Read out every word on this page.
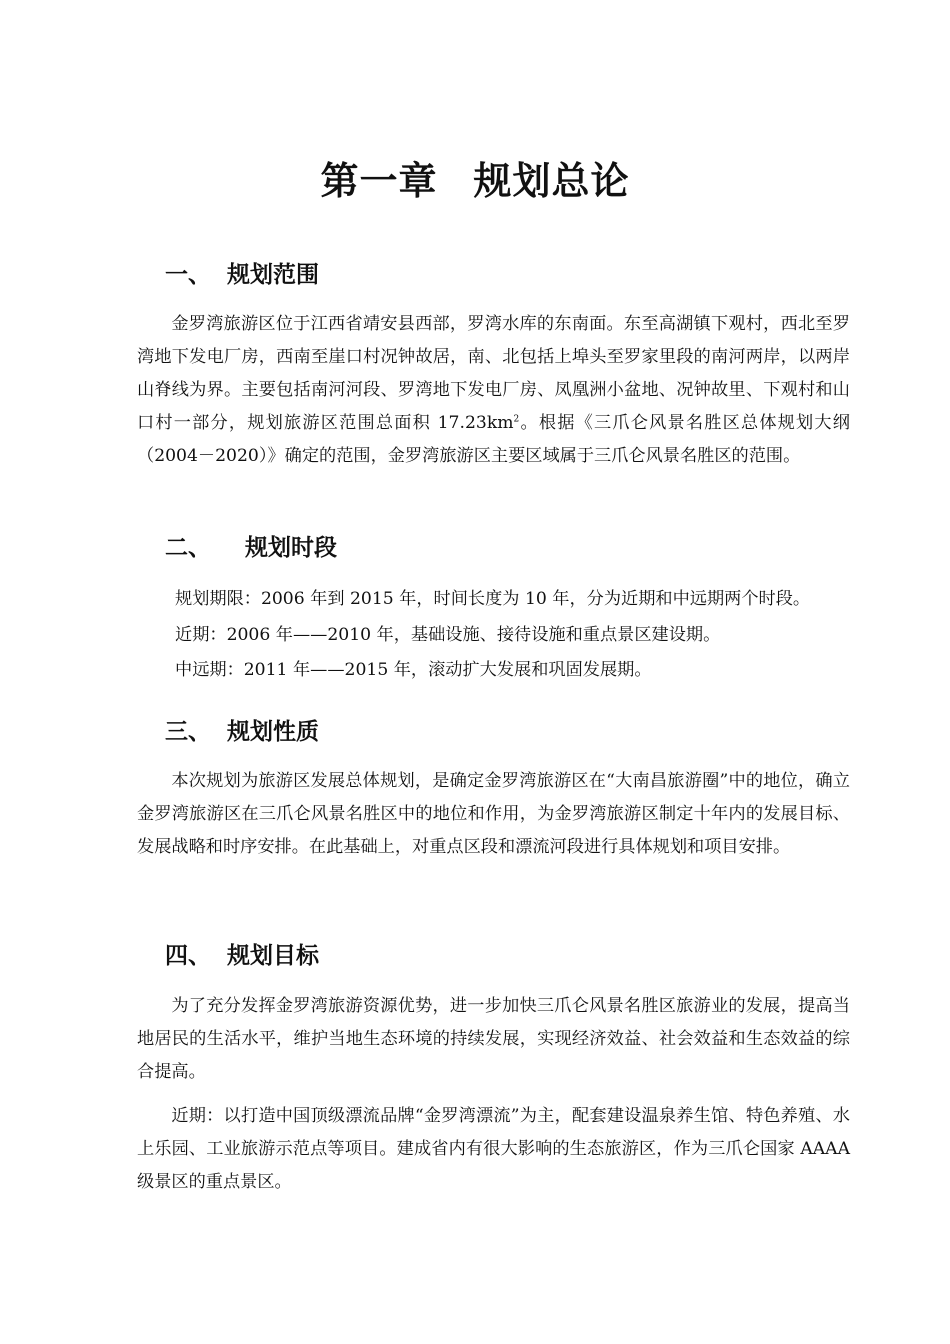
第一章 规划总论
一、 规划范围
金罗湾旅游区位于江西省靖安县西部，罗湾水库的东南面。东至高湖镇下观村，西北至罗湾地下发电厂房，西南至崖口村况钟故居，南、北包括上埠头至罗家里段的南河两岸，以两岸山脊线为界。主要包括南河河段、罗湾地下发电厂房、凤凰洲小盆地、况钟故里、下观村和山口村一部分，规划旅游区范围总面积 $17.23km^2$。根据《三爪仑风景名胜区总体规划大纲（2004－2020）》确定的范围，金罗湾旅游区主要区域属于三爪仑风景名胜区的范围。
二、 规划时段
规划期限：2006 年到 2015 年，时间长度为 10 年，分为近期和中远期两个时段。
近期：2006 年——2010 年，基础设施、接待设施和重点景区建设期。
中远期：2011 年——2015 年，滚动扩大发展和巩固发展期。
三、 规划性质
本次规划为旅游区发展总体规划，是确定金罗湾旅游区在“大南昌旅游圈”中的地位，确立金罗湾旅游区在三爪仑风景名胜区中的地位和作用，为金罗湾旅游区制定十年内的发展目标、发展战略和时序安排。在此基础上，对重点区段和漂流河段进行具体规划和项目安排。
四、 规划目标
为了充分发挥金罗湾旅游资源优势，进一步加快三爪仑风景名胜区旅游业的发展，提高当地居民的生活水平，维护当地生态环境的持续发展，实现经济效益、社会效益和生态效益的综合提高。
近期：以打造中国顶级漂流品牌“金罗湾漂流”为主，配套建设温泉养生馆、特色养殖、水上乐园、工业旅游示范点等项目。建成省内有很大影响的生态旅游区，作为三爪仑国家 AAAA 级景区的重点景区。
